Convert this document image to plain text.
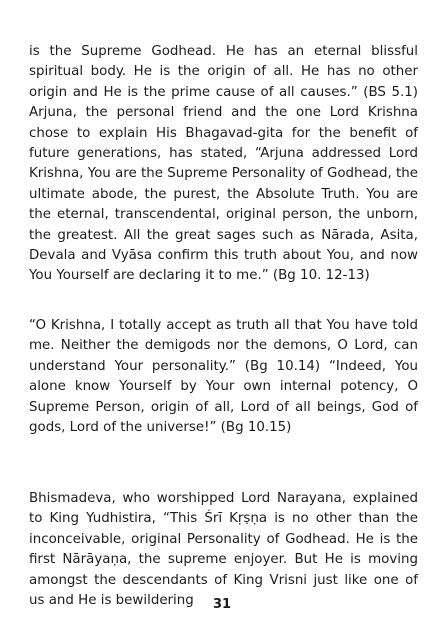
is the Supreme Godhead. He has an eternal blissful spiritual body. He is the origin of all. He has no other origin and He is the prime cause of all causes.” (BS 5.1) Arjuna, the personal friend and the one Lord Krishna chose to explain His Bhagavad-gita for the benefit of future generations, has stated, “Arjuna addressed Lord Krishna, You are the Supreme Personality of Godhead, the ultimate abode, the purest, the Absolute Truth. You are the eternal, transcendental, original person, the unborn, the greatest. All the great sages such as Nārada, Asita, Devala and Vyāsa confirm this truth about You, and now You Yourself are declaring it to me.” (Bg 10. 12-13)

“O Krishna, I totally accept as truth all that You have told me. Neither the demigods nor the demons, O Lord, can understand Your personality.” (Bg 10.14) “Indeed, You alone know Yourself by Your own internal potency, O Supreme Person, origin of all, Lord of all beings, God of gods, Lord of the universe!” (Bg 10.15)

Bhismadeva, who worshipped Lord Narayana, explained to King Yudhistira, “This Śrī Kṛṣṇa is no other than the inconceivable, original Personality of Godhead. He is the first Nārāyaṇa, the supreme enjoyer. But He is moving amongst the descendants of King Vrisni just like one of us and He is bewildering	31
